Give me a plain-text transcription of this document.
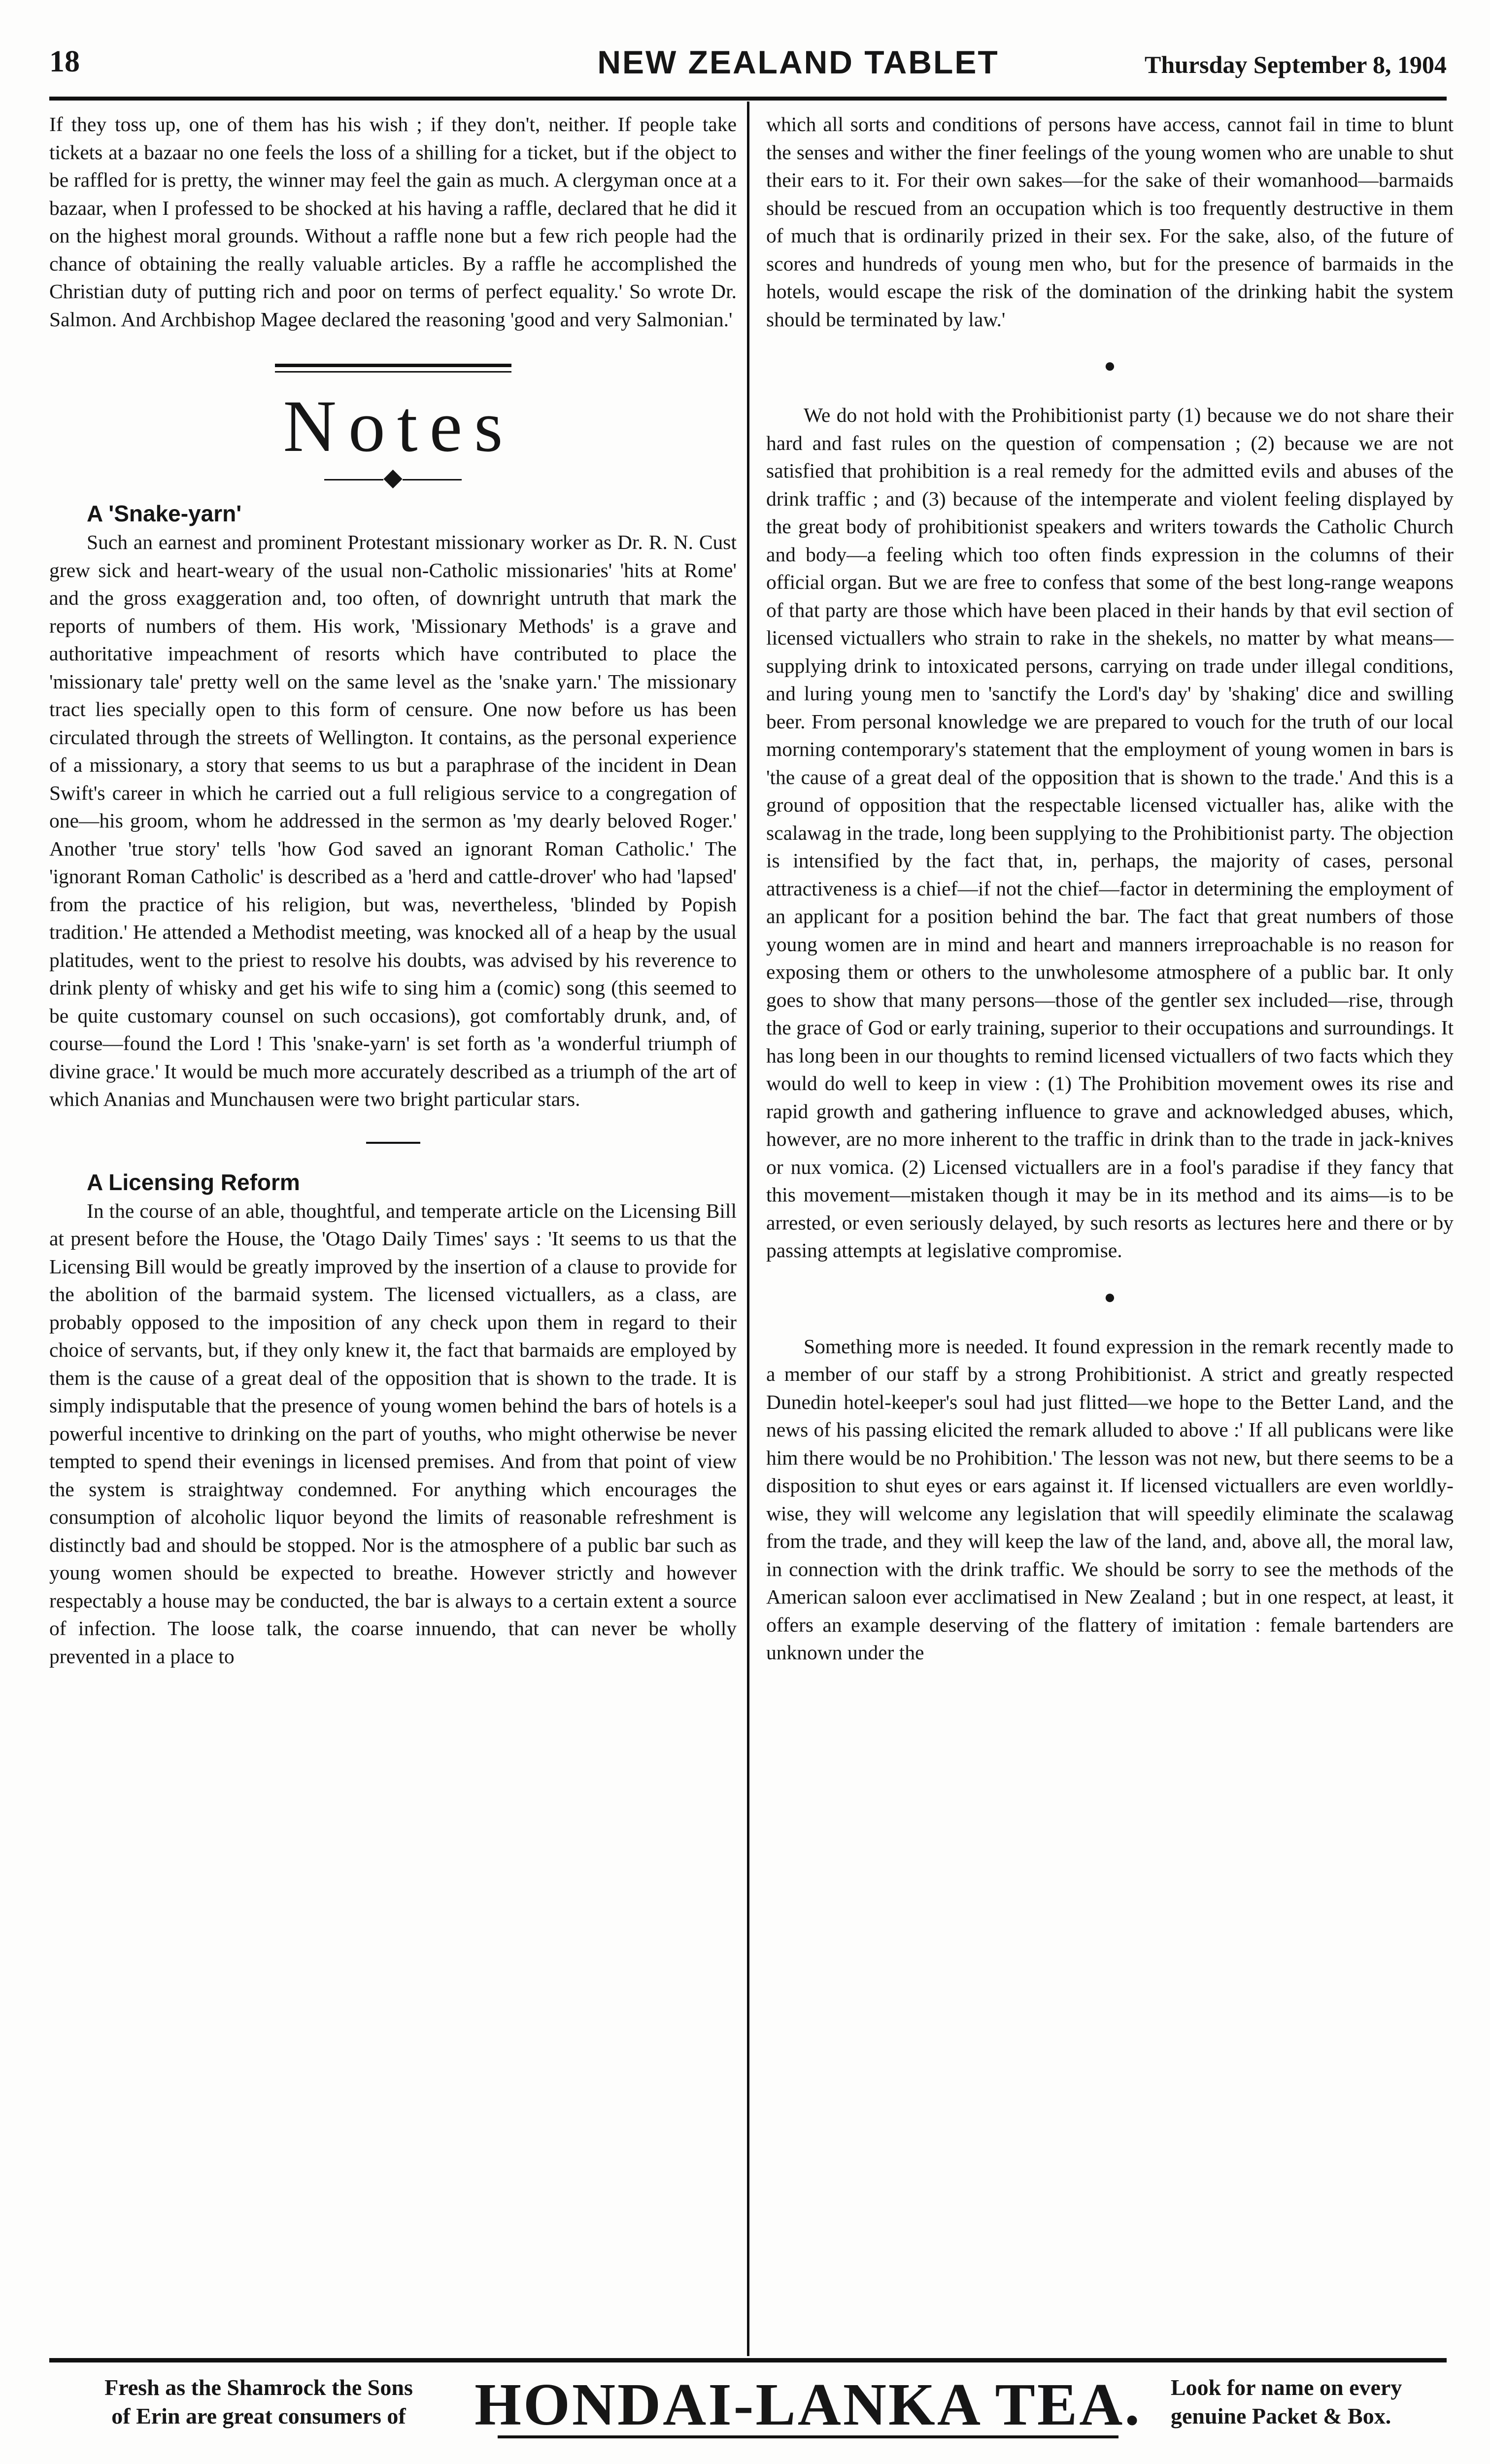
18	NEW ZEALAND TABLET	Thursday September 8, 1904

If they toss up, one of them has his wish ; if they don't, neither. If people take tickets at a bazaar no one feels the loss of a shilling for a ticket, but if the object to be raffled for is pretty, the winner may feel the gain as much. A clergyman once at a bazaar, when I professed to be shocked at his having a raffle, declared that he did it on the highest moral grounds. Without a raffle none but a few rich people had the chance of obtaining the really valuable articles. By a raffle he accomplished the Christian duty of putting rich and poor on terms of perfect equality.' So wrote Dr. Salmon. And Archbishop Magee declared the reasoning 'good and very Salmonian.'

Notes
◆

A 'Snake-yarn'

Such an earnest and prominent Protestant missionary worker as Dr. R. N. Cust grew sick and heart-weary of the usual non-Catholic missionaries' 'hits at Rome' and the gross exaggeration and, too often, of downright untruth that mark the reports of numbers of them. His work, 'Missionary Methods' is a grave and authoritative impeachment of resorts which have contributed to place the 'missionary tale' pretty well on the same level as the 'snake yarn.' The missionary tract lies specially open to this form of censure. One now before us has been circulated through the streets of Wellington. It contains, as the personal experience of a missionary, a story that seems to us but a paraphrase of the incident in Dean Swift's career in which he carried out a full religious service to a congregation of one—his groom, whom he addressed in the sermon as 'my dearly beloved Roger.' Another 'true story' tells 'how God saved an ignorant Roman Catholic.' The 'ignorant Roman Catholic' is described as a 'herd and cattle-drover' who had 'lapsed' from the practice of his religion, but was, nevertheless, 'blinded by Popish tradition.' He attended a Methodist meeting, was knocked all of a heap by the usual platitudes, went to the priest to resolve his doubts, was advised by his reverence to drink plenty of whisky and get his wife to sing him a (comic) song (this seemed to be quite customary counsel on such occasions), got comfortably drunk, and, of course—found the Lord ! This 'snake-yarn' is set forth as 'a wonderful triumph of divine grace.' It would be much more accurately described as a triumph of the art of which Ananias and Munchausen were two bright particular stars.

A Licensing Reform

In the course of an able, thoughtful, and temperate article on the Licensing Bill at present before the House, the 'Otago Daily Times' says : 'It seems to us that the Licensing Bill would be greatly improved by the insertion of a clause to provide for the abolition of the barmaid system. The licensed victuallers, as a class, are probably opposed to the imposition of any check upon them in regard to their choice of servants, but, if they only knew it, the fact that barmaids are employed by them is the cause of a great deal of the opposition that is shown to the trade. It is simply indisputable that the presence of young women behind the bars of hotels is a powerful incentive to drinking on the part of youths, who might otherwise be never tempted to spend their evenings in licensed premises. And from that point of view the system is straightway condemned. For anything which encourages the consumption of alcoholic liquor beyond the limits of reasonable refreshment is distinctly bad and should be stopped. Nor is the atmosphere of a public bar such as young women should be expected to breathe. However strictly and however respectably a house may be conducted, the bar is always to a certain extent a source of infection. The loose talk, the coarse innuendo, that can never be wholly prevented in a place to

which all sorts and conditions of persons have access, cannot fail in time to blunt the senses and wither the finer feelings of the young women who are unable to shut their ears to it. For their own sakes—for the sake of their womanhood—barmaids should be rescued from an occupation which is too frequently destructive in them of much that is ordinarily prized in their sex. For the sake, also, of the future of scores and hundreds of young men who, but for the presence of barmaids in the hotels, would escape the risk of the domination of the drinking habit the system should be terminated by law.'

●

We do not hold with the Prohibitionist party (1) because we do not share their hard and fast rules on the question of compensation ; (2) because we are not satisfied that prohibition is a real remedy for the admitted evils and abuses of the drink traffic ; and (3) because of the intemperate and violent feeling displayed by the great body of prohibitionist speakers and writers towards the Catholic Church and body—a feeling which too often finds expression in the columns of their official organ. But we are free to confess that some of the best long-range weapons of that party are those which have been placed in their hands by that evil section of licensed victuallers who strain to rake in the shekels, no matter by what means—supplying drink to intoxicated persons, carrying on trade under illegal conditions, and luring young men to 'sanctify the Lord's day' by 'shaking' dice and swilling beer. From personal knowledge we are prepared to vouch for the truth of our local morning contemporary's statement that the employment of young women in bars is 'the cause of a great deal of the opposition that is shown to the trade.' And this is a ground of opposition that the respectable licensed victualler has, alike with the scalawag in the trade, long been supplying to the Prohibitionist party. The objection is intensified by the fact that, in, perhaps, the majority of cases, personal attractiveness is a chief—if not the chief—factor in determining the employment of an applicant for a position behind the bar. The fact that great numbers of those young women are in mind and heart and manners irreproachable is no reason for exposing them or others to the unwholesome atmosphere of a public bar. It only goes to show that many persons—those of the gentler sex included—rise, through the grace of God or early training, superior to their occupations and surroundings. It has long been in our thoughts to remind licensed victuallers of two facts which they would do well to keep in view : (1) The Prohibition movement owes its rise and rapid growth and gathering influence to grave and acknowledged abuses, which, however, are no more inherent to the traffic in drink than to the trade in jack-knives or nux vomica. (2) Licensed victuallers are in a fool's paradise if they fancy that this movement—mistaken though it may be in its method and its aims—is to be arrested, or even seriously delayed, by such resorts as lectures here and there or by passing attempts at legislative compromise.

●

Something more is needed. It found expression in the remark recently made to a member of our staff by a strong Prohibitionist. A strict and greatly respected Dunedin hotel-keeper's soul had just flitted—we hope to the Better Land, and the news of his passing elicited the remark alluded to above :' If all publicans were like him there would be no Prohibition.' The lesson was not new, but there seems to be a disposition to shut eyes or ears against it. If licensed victuallers are even worldly-wise, they will welcome any legislation that will speedily eliminate the scalawag from the trade, and they will keep the law of the land, and, above all, the moral law, in connection with the drink traffic. We should be sorry to see the methods of the American saloon ever acclimatised in New Zealand ; but in one respect, at least, it offers an example deserving of the flattery of imitation : female bartenders are unknown under the

Fresh as the Shamrock the Sons
of Erin are great consumers of	HONDAI-LANKA TEA.	Look for name on every
genuine Packet & Box.
